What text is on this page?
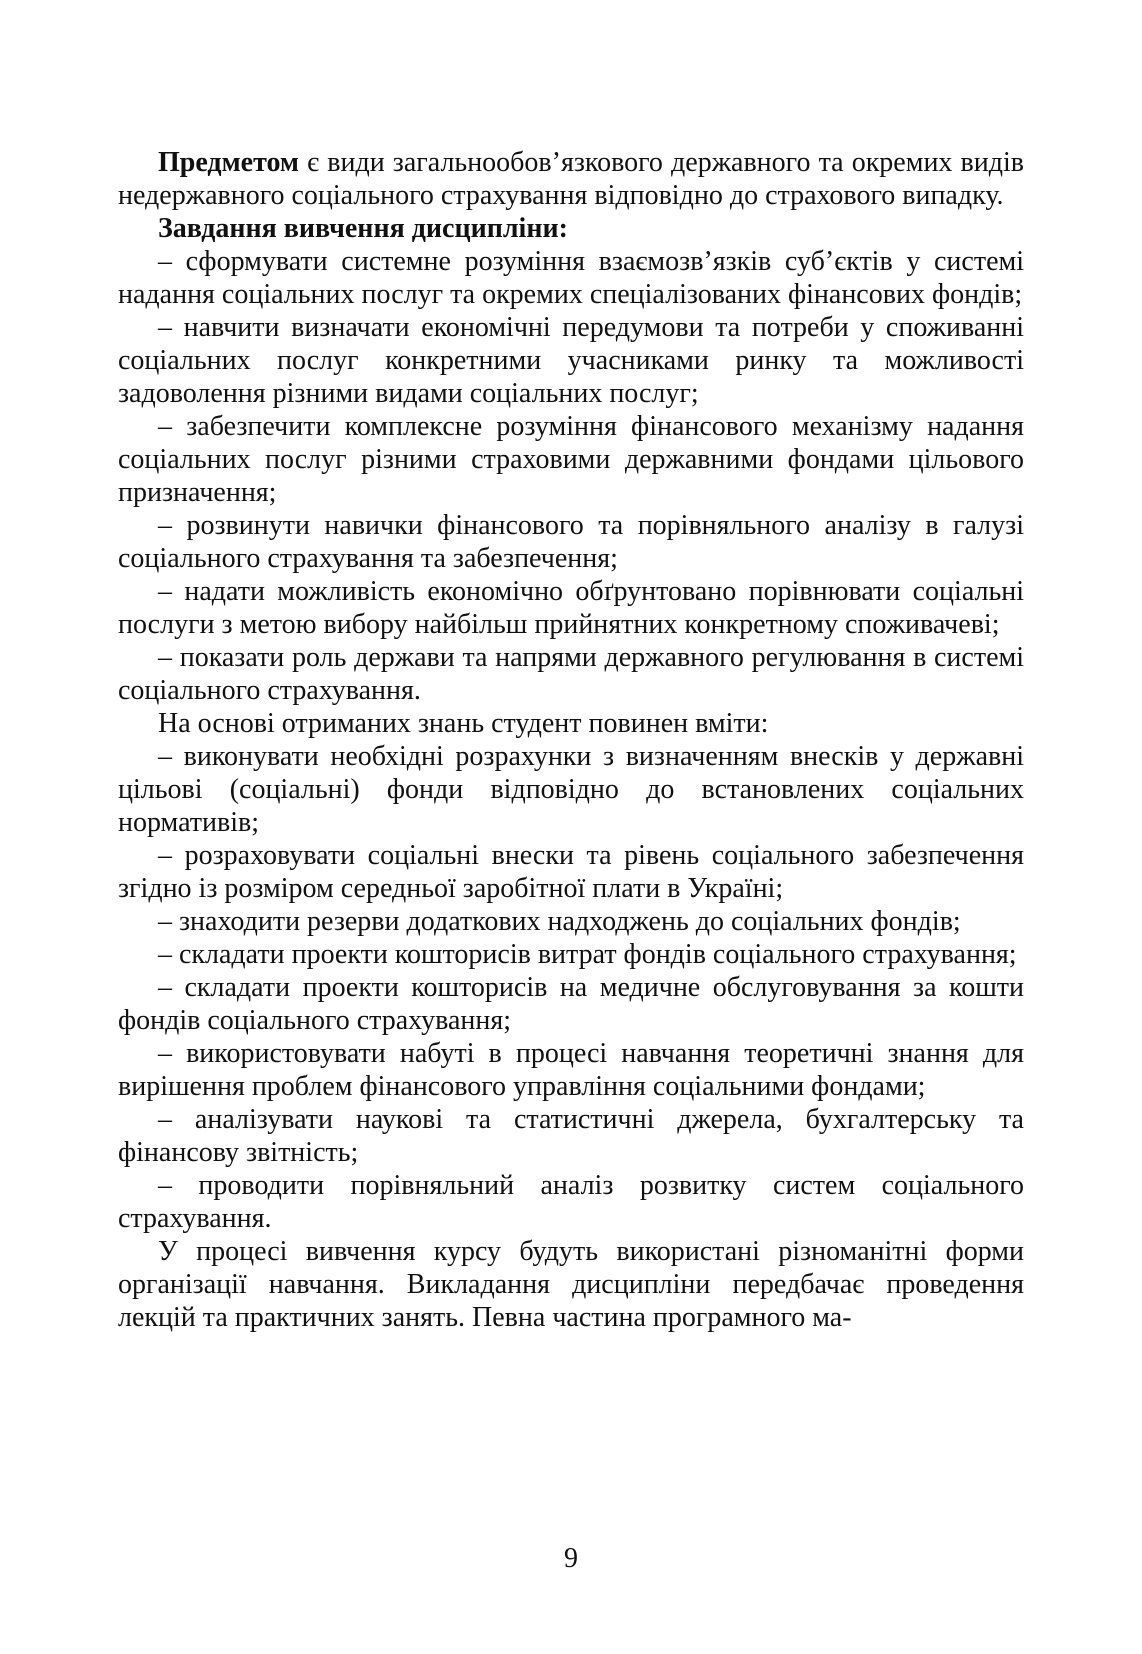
Предметом є види загальнообов’язкового державного та окремих видів недержавного соціального страхування відповідно до страхового випадку.

Завдання вивчення дисципліни:

– сформувати системне розуміння взаємозв’язків суб’єктів у системі надання соціальних послуг та окремих спеціалізованих фінансових фондів;

– навчити визначати економічні передумови та потреби у споживанні соціальних послуг конкретними учасниками ринку та можливості задоволення різними видами соціальних послуг;

– забезпечити комплексне розуміння фінансового механізму надання соціальних послуг різними страховими державними фондами цільового призначення;

– розвинути навички фінансового та порівняльного аналізу в галузі соціального страхування та забезпечення;

– надати можливість економічно обґрунтовано порівнювати соціальні послуги з метою вибору найбільш прийнятних конкретному споживачеві;

– показати роль держави та напрями державного регулювання в системі соціального страхування.

На основі отриманих знань студент повинен вміти:

– виконувати необхідні розрахунки з визначенням внесків у державні цільові (соціальні) фонди відповідно до встановлених соціальних нормативів;

– розраховувати соціальні внески та рівень соціального забезпечення згідно із розміром середньої заробітної плати в Україні;

– знаходити резерви додаткових надходжень до соціальних фондів;

– складати проекти кошторисів витрат фондів соціального страхування;

– складати проекти кошторисів на медичне обслуговування за кошти фондів соціального страхування;

– використовувати набуті в процесі навчання теоретичні знання для вирішення проблем фінансового управління соціальними фондами;

– аналізувати наукові та статистичні джерела, бухгалтерську та фінансову звітність;

– проводити порівняльний аналіз розвитку систем соціального страхування.

У процесі вивчення курсу будуть використані різноманітні форми організації навчання. Викладання дисципліни передбачає проведення лекцій та практичних занять. Певна частина програмного ма-

9
